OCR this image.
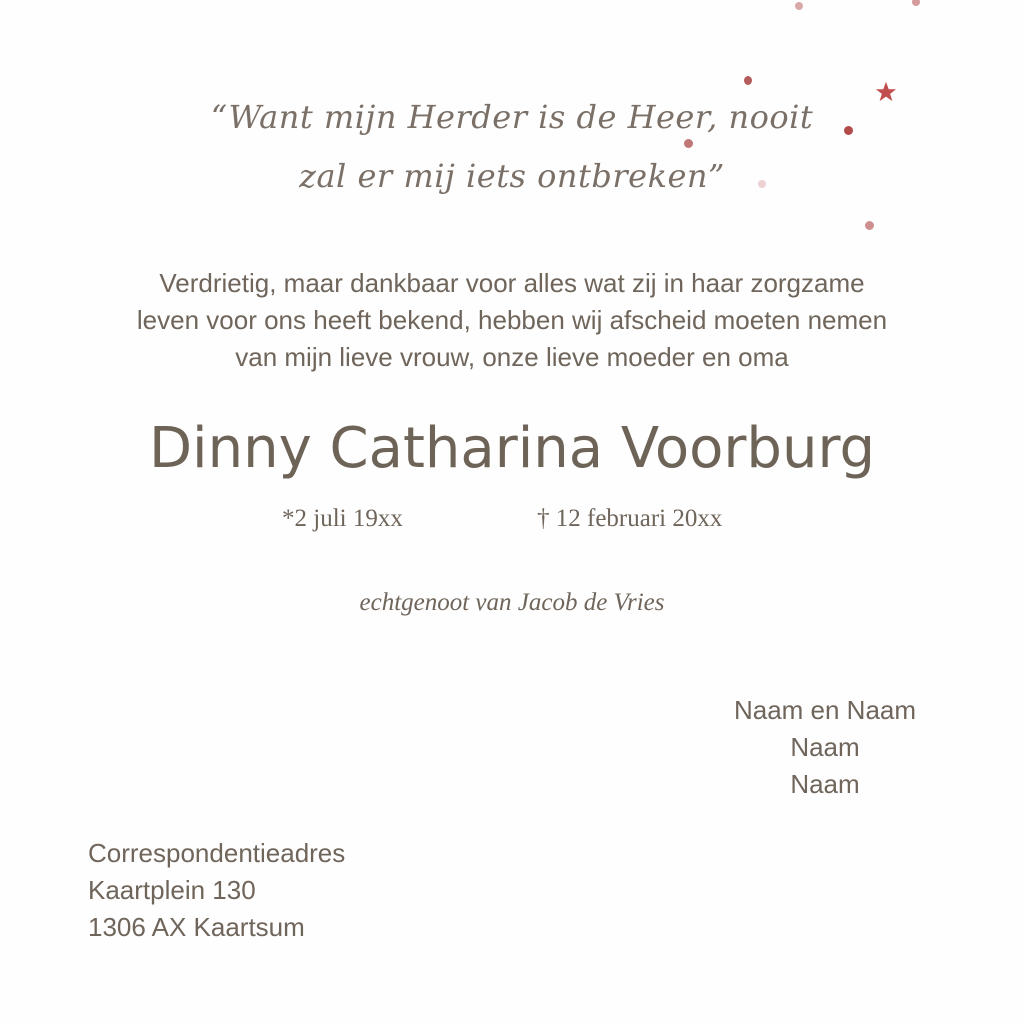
“Want mijn Herder is de Heer, nooit
zal er mij iets ontbreken”
Verdrietig, maar dankbaar voor alles wat zij in haar zorgzame
leven voor ons heeft bekend, hebben wij afscheid moeten nemen
van mijn lieve vrouw, onze lieve moeder en oma
Dinny Catharina Voorburg
*2 juli 19xx	† 12 februari 20xx
echtgenoot van Jacob de Vries
Naam en Naam
Naam
Naam
Correspondentieadres
Kaartplein 130
1306 AX Kaartsum
